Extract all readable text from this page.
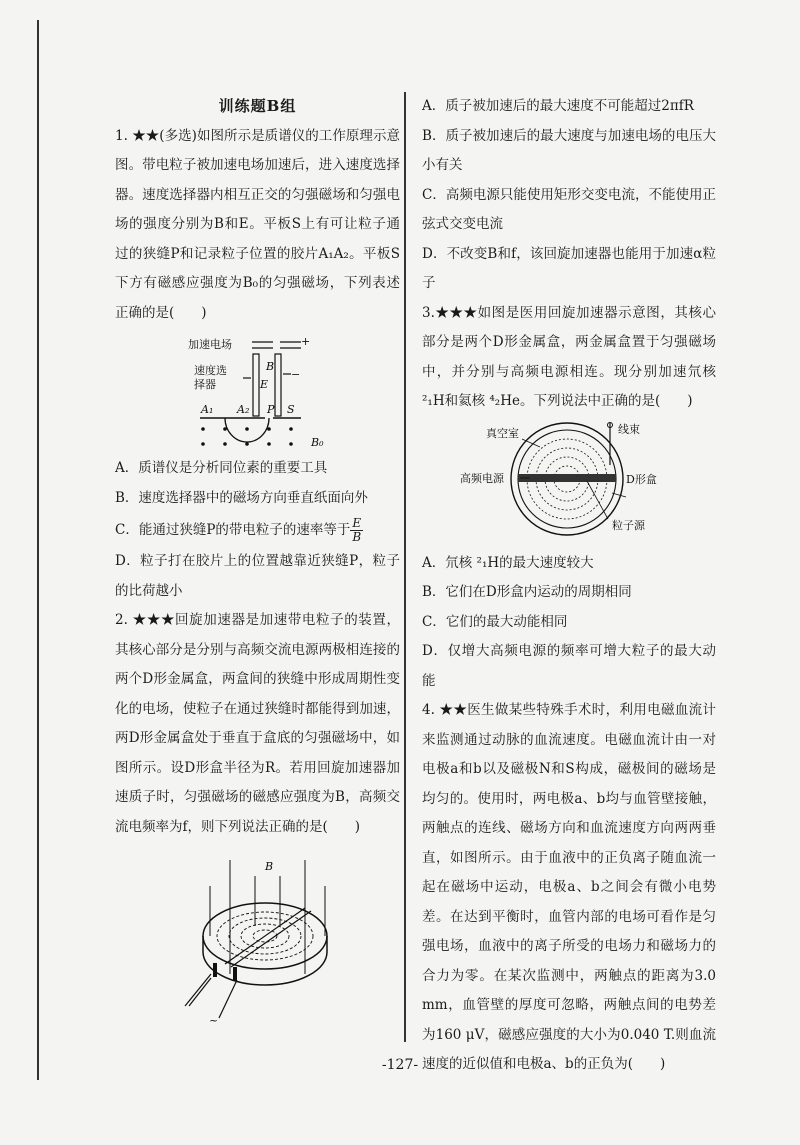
训练题B组

1. ★★(多选)如图所示是质谱仪的工作原理示意图。带电粒子被加速电场加速后，进入速度选择器。速度选择器内相互正交的匀强磁场和匀强电场的强度分别为B和E。平板S上有可让粒子通过的狭缝P和记录粒子位置的胶片A₁A₂。平板S下方有磁感应强度为B₀的匀强磁场，下列表述正确的是(　　)

加速电场	+
−
速度选
择器	E
B
A₁ A₂ P S
B₀

A．质谱仪是分析同位素的重要工具

B．速度选择器中的磁场方向垂直纸面向外

C．能通过狭缝P的带电粒子的速率等于 $\frac{E}{B}$

D．粒子打在胶片上的位置越靠近狭缝P，粒子的比荷越小

2. ★★★回旋加速器是加速带电粒子的装置，其核心部分是分别与高频交流电源两极相连接的两个D形金属盒，两盒间的狭缝中形成周期性变化的电场，使粒子在通过狭缝时都能得到加速，两D形金属盒处于垂直于盒底的匀强磁场中，如图所示。设D形盒半径为R。若用回旋加速器加速质子时，匀强磁场的磁感应强度为B，高频交流电频率为f，则下列说法正确的是(　　)

B
~

A．质子被加速后的最大速度不可能超过2πfR

B．质子被加速后的最大速度与加速电场的电压大小有关

C．高频电源只能使用矩形交变电流，不能使用正弦式交变电流

D．不改变B和f，该回旋加速器也能用于加速α粒子

3.★★★如图是医用回旋加速器示意图，其核心部分是两个D形金属盒，两金属盒置于匀强磁场中，并分别与高频电源相连。现分别加速氘核 ²₁H和氦核 ⁴₂He。下列说法中正确的是(　　)

真空室	线束
高频电源	D形盒
粒子源

A．氘核 ²₁H的最大速度较大

B．它们在D形盒内运动的周期相同

C．它们的最大动能相同

D．仅增大高频电源的频率可增大粒子的最大动能

4. ★★医生做某些特殊手术时，利用电磁血流计来监测通过动脉的血流速度。电磁血流计由一对电极a和b以及磁极N和S构成，磁极间的磁场是均匀的。使用时，两电极a、b均与血管壁接触，两触点的连线、磁场方向和血流速度方向两两垂直，如图所示。由于血液中的正负离子随血流一起在磁场中运动，电极a、b之间会有微小电势差。在达到平衡时，血管内部的电场可看作是匀强电场，血液中的离子所受的电场力和磁场力的合力为零。在某次监测中，两触点的距离为3.0 mm，血管壁的厚度可忽略，两触点间的电势差为160 μV，磁感应强度的大小为0.040 T.则血流速度的近似值和电极a、b的正负为(　　)

-127-
